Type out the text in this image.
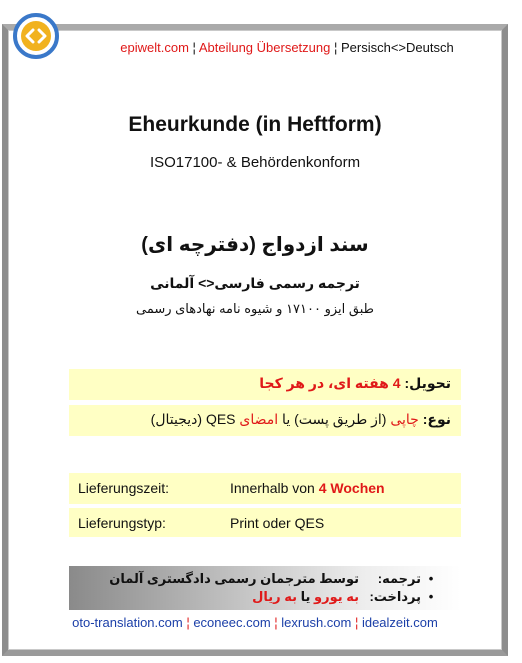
epiwelt.com ¦ Abteilung Übersetzung ¦ Persisch<>Deutsch
Eheurkunde (in Heftform)
ISO17100- & Behördenkonform
سند ازدواج (دفترچه ای)
ترجمه رسمی فارسی<> آلمانی
طبق ایزو ۱۷۱۰۰ و شیوه نامه نهادهای رسمی
تحویل: 4 هفته ای، در هر کجا
نوع: چاپی (از طریق پست) یا امضای QES (دیجیتال)
Lieferungszeit:	Innerhalb von 4 Wochen
Lieferungstyp:	Print oder QES
•ترجمه:توسط مترجمان رسمی دادگستری آلمان
•پرداخت:به یورو یا به ریال
oto-translation.com ¦ econeec.com ¦ lexrush.com ¦ idealzeit.com
